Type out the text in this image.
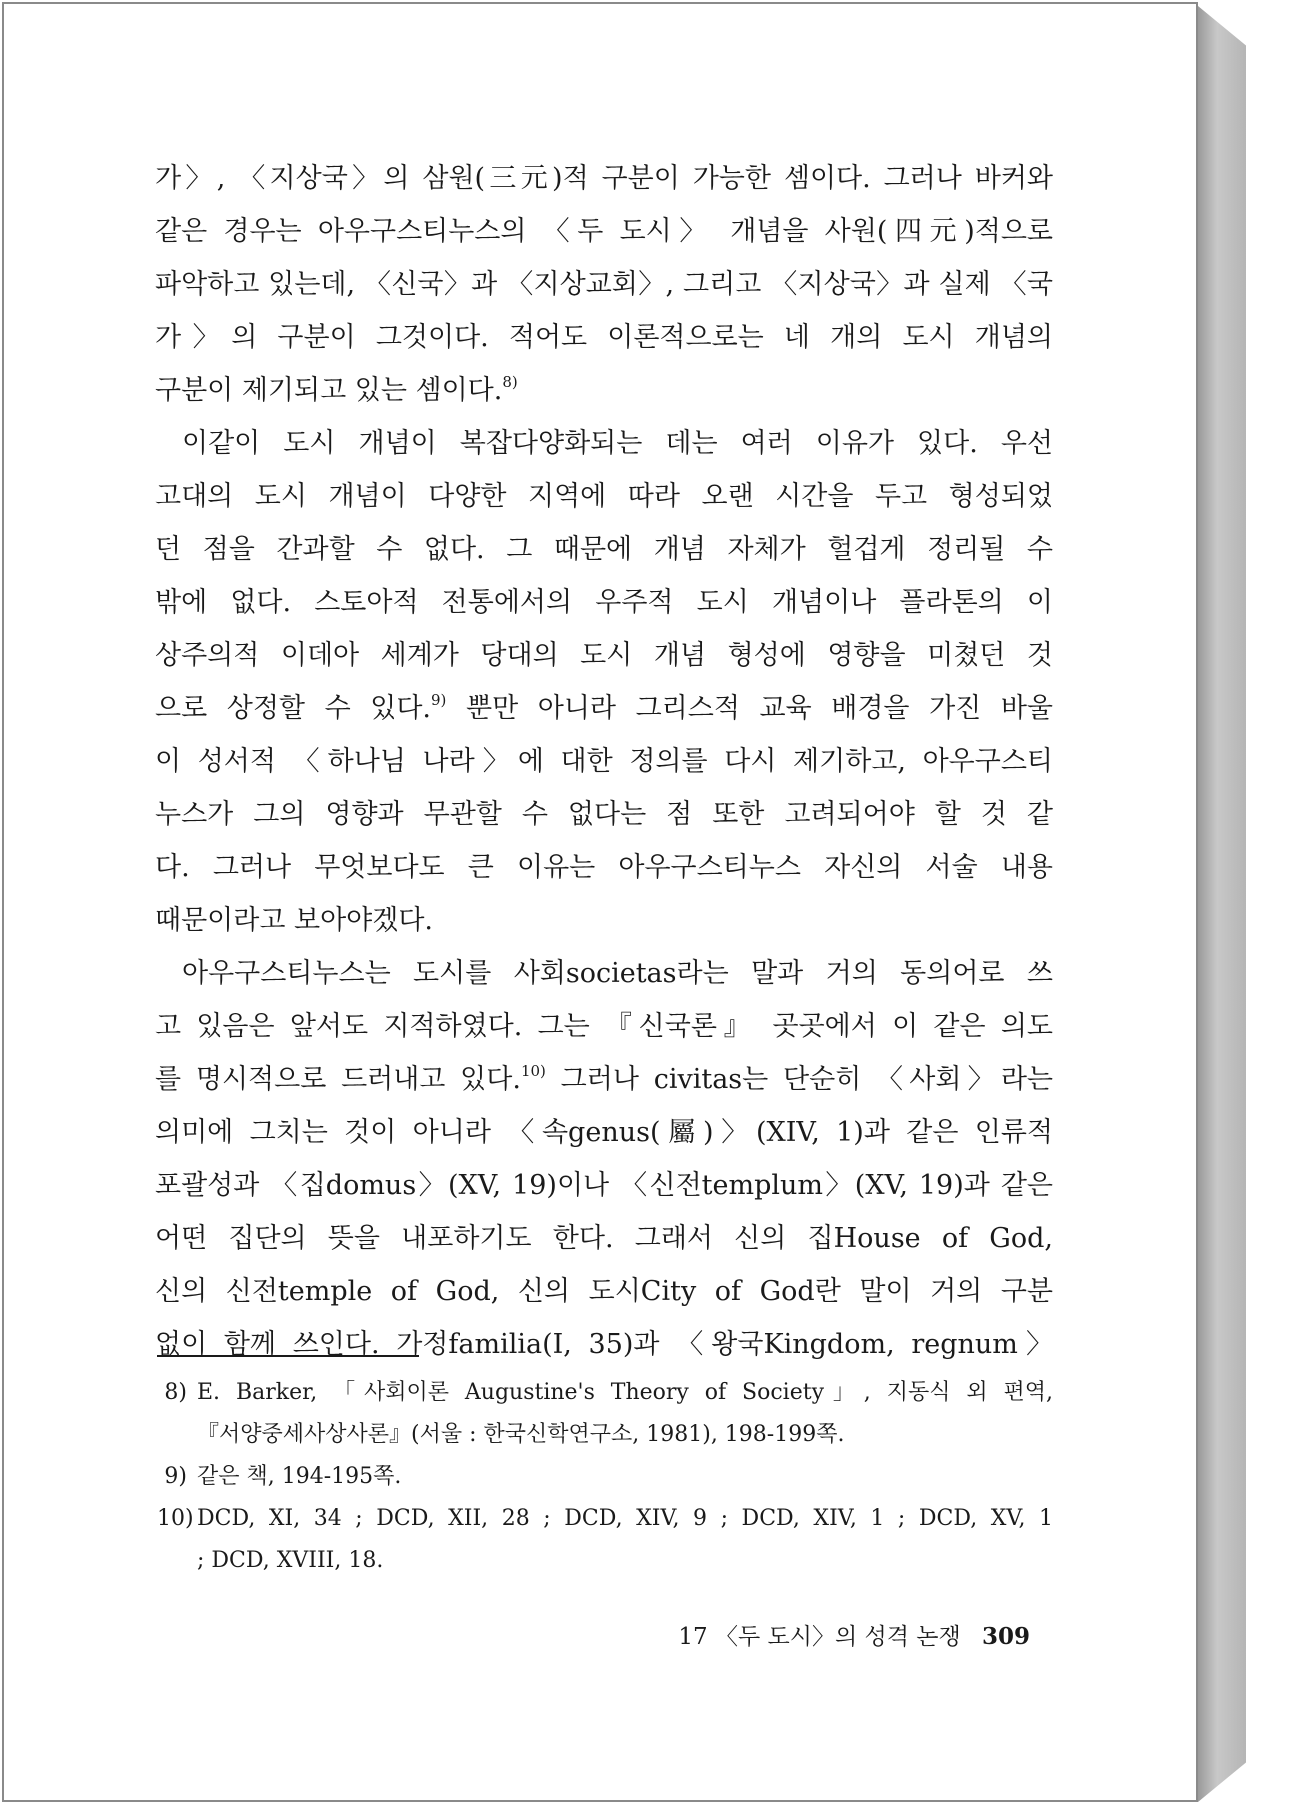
가〉, 〈지상국〉의 삼원(三元)적 구분이 가능한 셈이다. 그러나 바커와
같은 경우는 아우구스티누스의 〈두 도시〉 개념을 사원(四元)적으로
파악하고 있는데, 〈신국〉과 〈지상교회〉, 그리고 〈지상국〉과 실제 〈국
가〉의 구분이 그것이다. 적어도 이론적으로는 네 개의 도시 개념의
구분이 제기되고 있는 셈이다.$^{8)}$
이같이 도시 개념이 복잡다양화되는 데는 여러 이유가 있다. 우선
고대의 도시 개념이 다양한 지역에 따라 오랜 시간을 두고 형성되었
던 점을 간과할 수 없다. 그 때문에 개념 자체가 헐겁게 정리될 수
밖에 없다. 스토아적 전통에서의 우주적 도시 개념이나 플라톤의 이
상주의적 이데아 세계가 당대의 도시 개념 형성에 영향을 미쳤던 것
으로 상정할 수 있다.$^{9)}$ 뿐만 아니라 그리스적 교육 배경을 가진 바울
이 성서적 〈하나님 나라〉에 대한 정의를 다시 제기하고, 아우구스티
누스가 그의 영향과 무관할 수 없다는 점 또한 고려되어야 할 것 같
다. 그러나 무엇보다도 큰 이유는 아우구스티누스 자신의 서술 내용
때문이라고 보아야겠다.
아우구스티누스는 도시를 사회societas라는 말과 거의 동의어로 쓰
고 있음은 앞서도 지적하였다. 그는 『신국론』 곳곳에서 이 같은 의도
를 명시적으로 드러내고 있다.$^{10)}$ 그러나 civitas는 단순히 〈사회〉라는
의미에 그치는 것이 아니라 〈속genus(屬)〉(XIV, 1)과 같은 인류적
포괄성과 〈집domus〉(XV, 19)이나 〈신전templum〉(XV, 19)과 같은
어떤 집단의 뜻을 내포하기도 한다. 그래서 신의 집House of God,
신의 신전temple of God, 신의 도시City of God란 말이 거의 구분
없이 함께 쓰인다. 가정familia(I, 35)과 〈왕국Kingdom, regnum〉
8) E. Barker, 「사회이론 Augustine's Theory of Society」, 지동식 외 편역,
『서양중세사상사론』(서울 : 한국신학연구소, 1981), 198-199쪽.
9) 같은 책, 194-195쪽.
10) DCD, XI, 34 ; DCD, XII, 28 ; DCD, XIV, 9 ; DCD, XIV, 1 ; DCD, XV, 1
; DCD, XVIII, 18.
17 〈두 도시〉의 성격 논쟁 309
